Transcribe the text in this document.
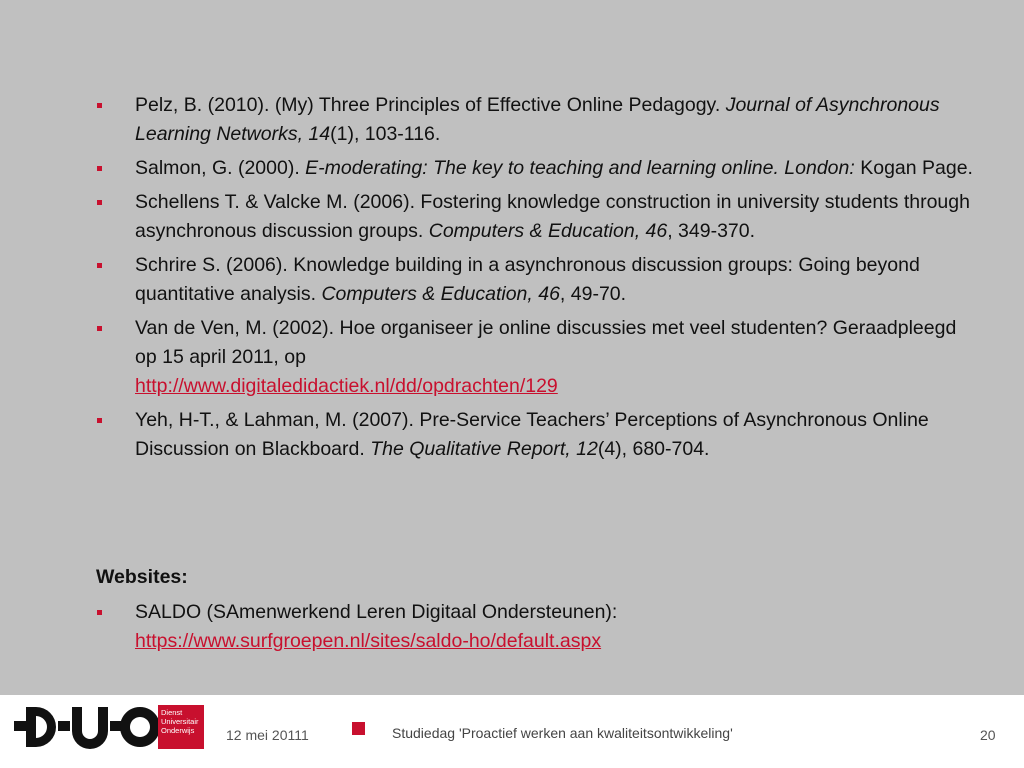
Pelz, B. (2010). (My) Three Principles of Effective Online Pedagogy. Journal of Asynchronous Learning Networks, 14(1), 103-116.
Salmon, G. (2000). E-moderating: The key to teaching and learning online. London: Kogan Page.
Schellens T. & Valcke M. (2006). Fostering knowledge construction in university students through asynchronous discussion groups. Computers & Education, 46, 349-370.
Schrire S. (2006). Knowledge building in a asynchronous discussion groups: Going beyond quantitative analysis. Computers & Education, 46, 49-70.
Van de Ven, M. (2002). Hoe organiseer je online discussies met veel studenten? Geraadpleegd op 15 april 2011, op
http://www.digitaledidactiek.nl/dd/opdrachten/129
Yeh, H-T., & Lahman, M. (2007). Pre-Service Teachers’ Perceptions of Asynchronous Online Discussion on Blackboard. The Qualitative Report, 12(4), 680-704.

Websites:

SALDO (SAmenwerkend Leren Digitaal Ondersteunen):
https://www.surfgroepen.nl/sites/saldo-ho/default.aspx
Dienst
Universitair
Onderwijs	12 mei 20111	Studiedag 'Proactief werken aan kwaliteitsontwikkeling'	20
